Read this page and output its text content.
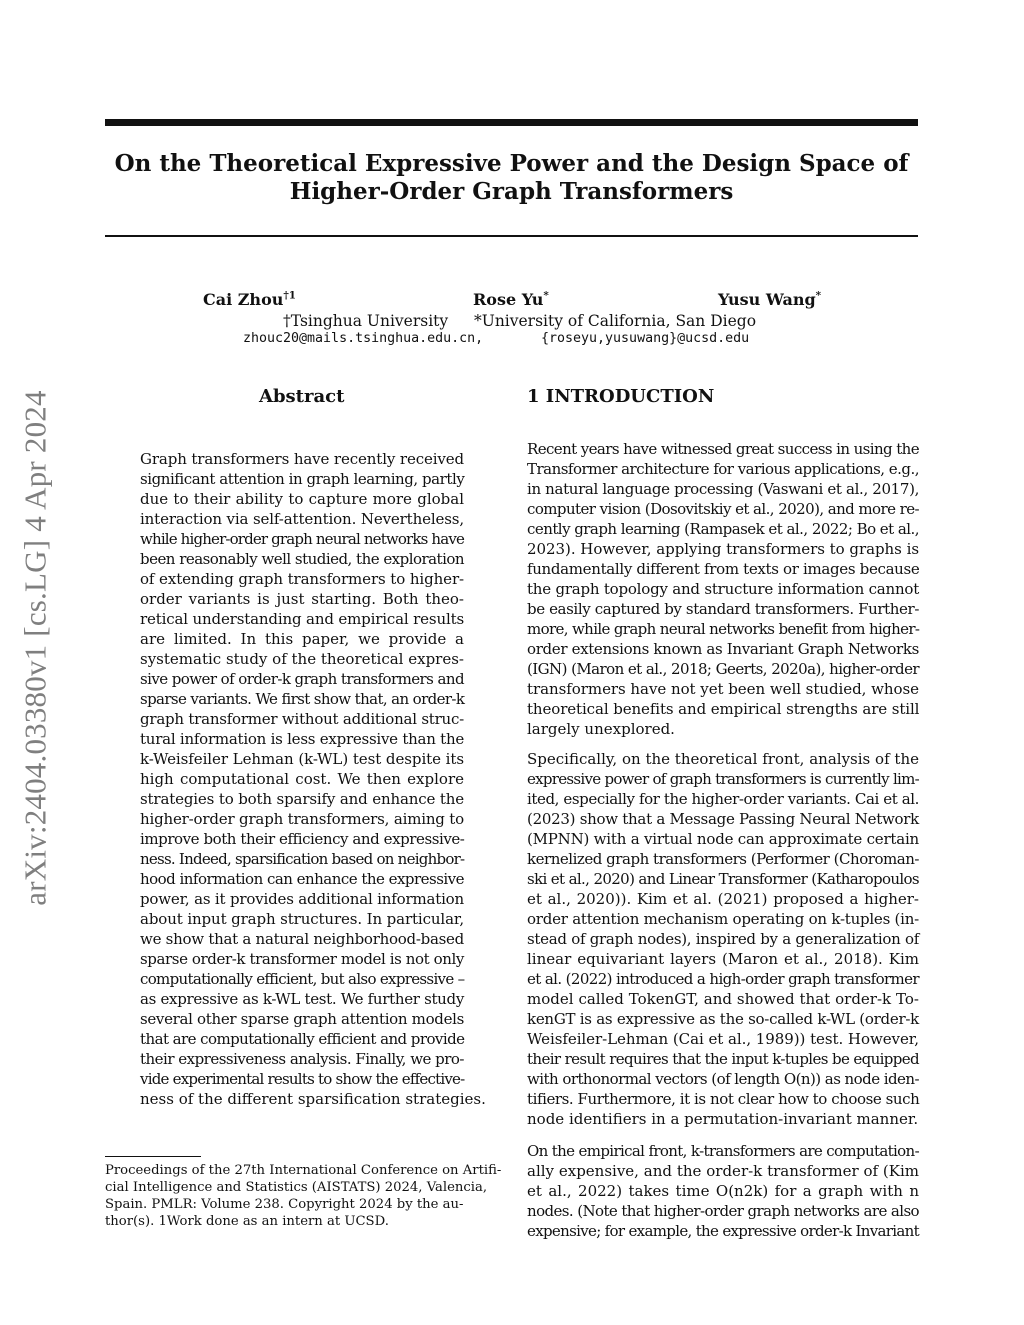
On the Theoretical Expressive Power and the Design Space of
Higher-Order Graph Transformers
arXiv:2404.03380v1 [cs.LG] 4 Apr 2024
Cai Zhou$^{\dagger 1}$	Rose Yu*	Yusu Wang*
†Tsinghua University *University of California, San Diego
zhouc20@mails.tsinghua.edu.cn,	{roseyu,yusuwang}@ucsd.edu
Abstract
Graph transformers have recently received
significant attention in graph learning, partly
due to their ability to capture more global
interaction via self-attention. Nevertheless,
while higher-order graph neural networks have
been reasonably well studied, the exploration
of extending graph transformers to higher-
order variants is just starting. Both theo-
retical understanding and empirical results
are limited. In this paper, we provide a
systematic study of the theoretical expres-
sive power of order-k graph transformers and
sparse variants. We first show that, an order-k
graph transformer without additional struc-
tural information is less expressive than the
k-Weisfeiler Lehman (k-WL) test despite its
high computational cost. We then explore
strategies to both sparsify and enhance the
higher-order graph transformers, aiming to
improve both their efficiency and expressive-
ness. Indeed, sparsification based on neighbor-
hood information can enhance the expressive
power, as it provides additional information
about input graph structures. In particular,
we show that a natural neighborhood-based
sparse order-k transformer model is not only
computationally efficient, but also expressive –
as expressive as k-WL test. We further study
several other sparse graph attention models
that are computationally efficient and provide
their expressiveness analysis. Finally, we pro-
vide experimental results to show the effective-
ness of the different sparsification strategies.
Proceedings of the 27th International Conference on Artifi-
cial Intelligence and Statistics (AISTATS) 2024, Valencia,
Spain. PMLR: Volume 238. Copyright 2024 by the au-
thor(s). 1Work done as an intern at UCSD.
1 INTRODUCTION
Recent years have witnessed great success in using the
Transformer architecture for various applications, e.g.,
in natural language processing (Vaswani et al., 2017),
computer vision (Dosovitskiy et al., 2020), and more re-
cently graph learning (Rampasek et al., 2022; Bo et al.,
2023). However, applying transformers to graphs is
fundamentally different from texts or images because
the graph topology and structure information cannot
be easily captured by standard transformers. Further-
more, while graph neural networks benefit from higher-
order extensions known as Invariant Graph Networks
(IGN) (Maron et al., 2018; Geerts, 2020a), higher-order
transformers have not yet been well studied, whose
theoretical benefits and empirical strengths are still
largely unexplored.
Specifically, on the theoretical front, analysis of the
expressive power of graph transformers is currently lim-
ited, especially for the higher-order variants. Cai et al.
(2023) show that a Message Passing Neural Network
(MPNN) with a virtual node can approximate certain
kernelized graph transformers (Performer (Choroman-
ski et al., 2020) and Linear Transformer (Katharopoulos
et al., 2020)). Kim et al. (2021) proposed a higher-
order attention mechanism operating on k-tuples (in-
stead of graph nodes), inspired by a generalization of
linear equivariant layers (Maron et al., 2018). Kim
et al. (2022) introduced a high-order graph transformer
model called TokenGT, and showed that order-k To-
kenGT is as expressive as the so-called k-WL (order-k
Weisfeiler-Lehman (Cai et al., 1989)) test. However,
their result requires that the input k-tuples be equipped
with orthonormal vectors (of length O(n)) as node iden-
tifiers. Furthermore, it is not clear how to choose such
node identifiers in a permutation-invariant manner.
On the empirical front, k-transformers are computation-
ally expensive, and the order-k transformer of (Kim
et al., 2022) takes time O(n2k) for a graph with n
nodes. (Note that higher-order graph networks are also
expensive; for example, the expressive order-k Invariant
